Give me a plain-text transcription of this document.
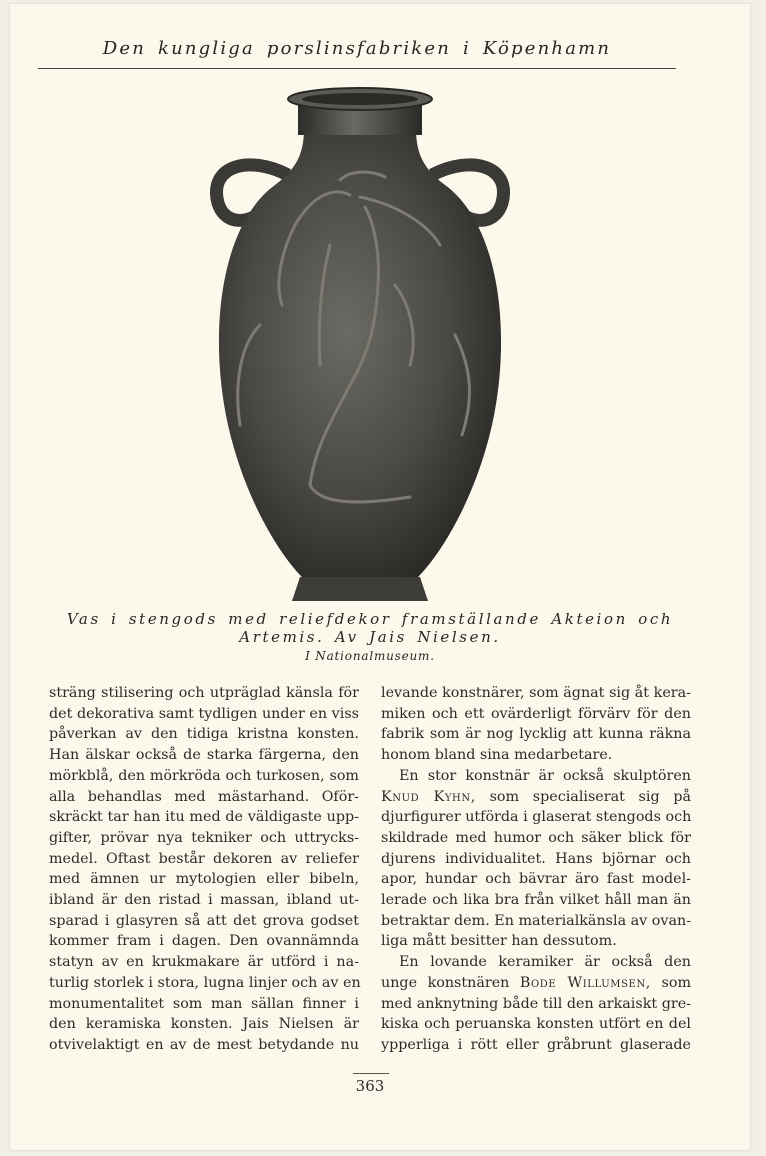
Den kungliga porslinsfabriken i Köpenhamn
Vas i stengods med reliefdekor framställande Akteion och
Artemis. Av Jais Nielsen.
I Nationalmuseum.
sträng stilisering och utpräglad känsla för
det dekorativa samt tydligen under en viss
påverkan av den tidiga kristna konsten.
Han älskar också de starka färgerna, den
mörkblå, den mörkröda och turkosen, som
alla behandlas med mästarhand. Oför-
skräckt tar han itu med de väldigaste upp-
gifter, prövar nya tekniker och uttrycks-
medel. Oftast består dekoren av reliefer
med ämnen ur mytologien eller bibeln,
ibland är den ristad i massan, ibland ut-
sparad i glasyren så att det grova godset
kommer fram i dagen. Den ovannämnda
statyn av en krukmakare är utförd i na-
turlig storlek i stora, lugna linjer och av en
monumentalitet som man sällan finner i
den keramiska konsten. Jais Nielsen är
otvivelaktigt en av de mest betydande nu
levande konstnärer, som ägnat sig åt kera-
miken och ett ovärderligt förvärv för den
fabrik som är nog lycklig att kunna räkna
honom bland sina medarbetare.
En stor konstnär är också skulptören
Knud Kyhn, som specialiserat sig på
djurfigurer utförda i glaserat stengods och
skildrade med humor och säker blick för
djurens individualitet. Hans björnar och
apor, hundar och bävrar äro fast model-
lerade och lika bra från vilket håll man än
betraktar dem. En materialkänsla av ovan-
liga mått besitter han dessutom.
En lovande keramiker är också den
unge konstnären Bode Willumsen, som
med anknytning både till den arkaiskt gre-
kiska och peruanska konsten utfört en del
ypperliga i rött eller gråbrunt glaserade
363
